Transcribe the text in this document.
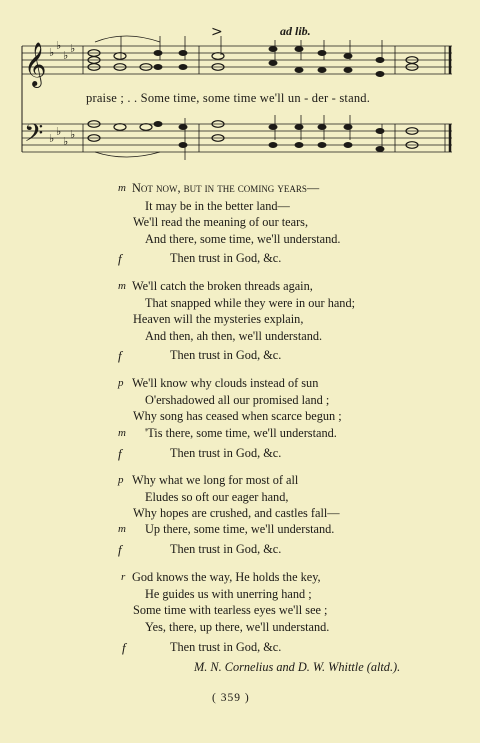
𝄞
𝄢
♭
♭
♭
♭
♭
♭
♭
♭
>	ad lib.
praise ; . . Some time, some time we'll un - der - stand.
m Not now, but in the coming years—
It may be in the better land—
We'll read the meaning of our tears,
And there, some time, we'll understand.
f	Then trust in God, &c.
m We'll catch the broken threads again,
That snapped while they were in our hand;
Heaven will the mysteries explain,
And then, ah then, we'll understand.
f	Then trust in God, &c.
p We'll know why clouds instead of sun
O'ershadowed all our promised land ;
Why song has ceased when scarce begun ;
m 'Tis there, some time, we'll understand.
f	Then trust in God, &c.
p Why what we long for most of all
Eludes so oft our eager hand,
Why hopes are crushed, and castles fall—
m Up there, some time, we'll understand.
f	Then trust in God, &c.
r God knows the way, He holds the key,
He guides us with unerring hand ;
Some time with tearless eyes we'll see ;
Yes, there, up there, we'll understand.
f	Then trust in God, &c.
M. N. Cornelius and D. W. Whittle (altd.).
( 359 )
